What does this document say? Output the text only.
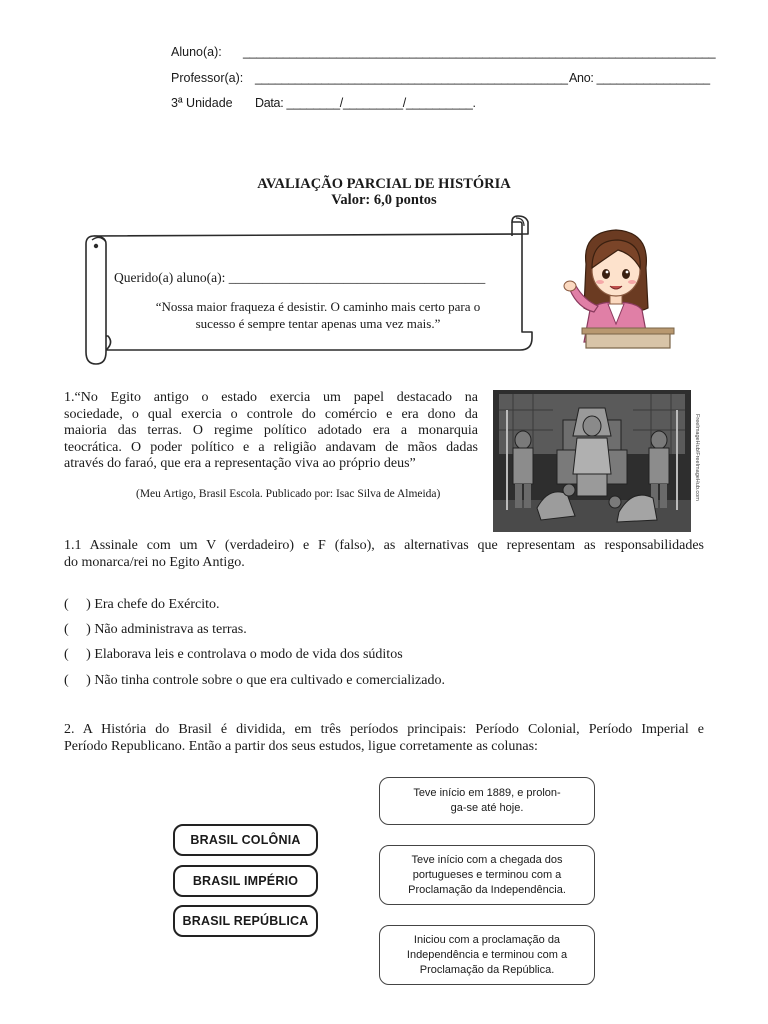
Aluno(a): _______________________________________________________________________
Professor(a): _______________________________________________ Ano: _________________
3ª Unidade Data: ________/_________/__________.
AVALIAÇÃO PARCIAL DE HISTÓRIA
Valor: 6,0 pontos
Querido(a) aluno(a): ______________________________________
“Nossa maior fraqueza é desistir. O caminho mais certo para o
sucesso é sempre tentar apenas uma vez mais.”
1.“No Egito antigo o estado exercia um papel destacado na
sociedade, o qual exercia o controle do comércio e era dono da
maioria das terras. O regime político adotado era a monarquia
teocrática. O poder político e a religião andavam de mãos dadas
através do faraó, que era a representação viva ao próprio deus”
(Meu Artigo, Brasil Escola. Publicado por: Isac Silva de Almeida)	FreeImageHub/FreeImageHub.com
1.1 Assinale com um V (verdadeiro) e F (falso), as alternativas que representam as responsabilidades
do monarca/rei no Egito Antigo.
(     ) Era chefe do Exército.
(     ) Não administrava as terras.
(     ) Elaborava leis e controlava o modo de vida dos súditos
(     ) Não tinha controle sobre o que era cultivado e comercializado.
2. A História do Brasil é dividida, em três períodos principais: Período Colonial, Período Imperial e
Período Republicano. Então a partir dos seus estudos, ligue corretamente as colunas:
BRASIL COLÔNIA
BRASIL IMPÉRIO
BRASIL REPÚBLICA
Teve início em 1889, e prolon-
ga-se até hoje.
Teve início com a chegada dos
portugueses e terminou com a
Proclamação da Independência.
Iniciou com a proclamação da
Independência e terminou com a
Proclamação da República.
